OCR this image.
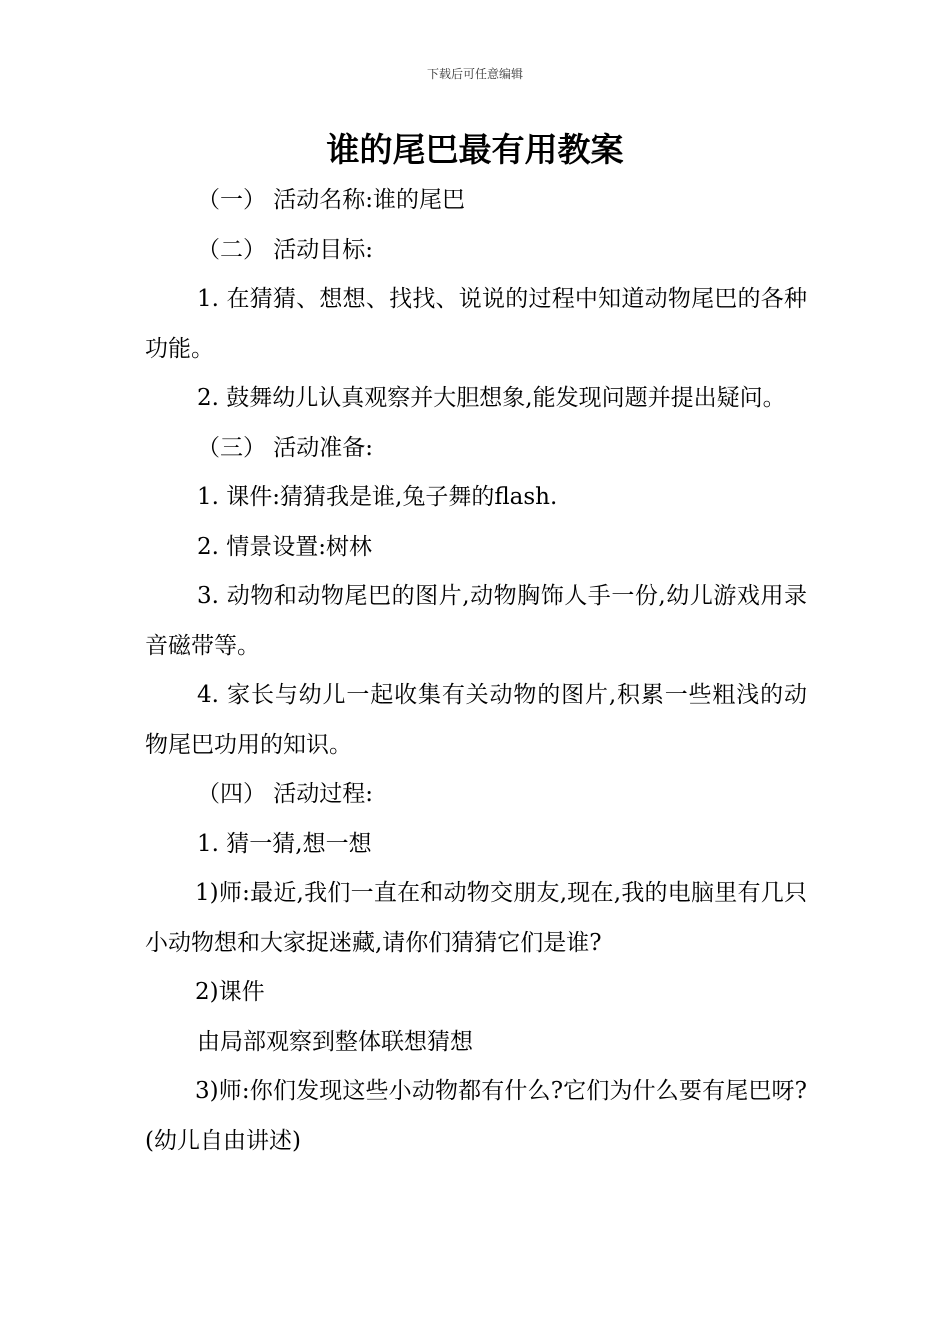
下载后可任意编辑
谁的尾巴最有用教案

（一） 活动名称:谁的尾巴

（二） 活动目标:

1. 在猜猜、想想、找找、说说的过程中知道动物尾巴的各种功能。

2. 鼓舞幼儿认真观察并大胆想象,能发现问题并提出疑问。

（三） 活动准备:

1. 课件:猜猜我是谁,兔子舞的flash.

2. 情景设置:树林

3. 动物和动物尾巴的图片,动物胸饰人手一份,幼儿游戏用录音磁带等。

4. 家长与幼儿一起收集有关动物的图片,积累一些粗浅的动物尾巴功用的知识。

（四） 活动过程:

1. 猜一猜,想一想

1)师:最近,我们一直在和动物交朋友,现在,我的电脑里有几只小动物想和大家捉迷藏,请你们猜猜它们是谁?

2)课件

由局部观察到整体联想猜想

3)师:你们发现这些小动物都有什么?它们为什么要有尾巴呀?(幼儿自由讲述)
